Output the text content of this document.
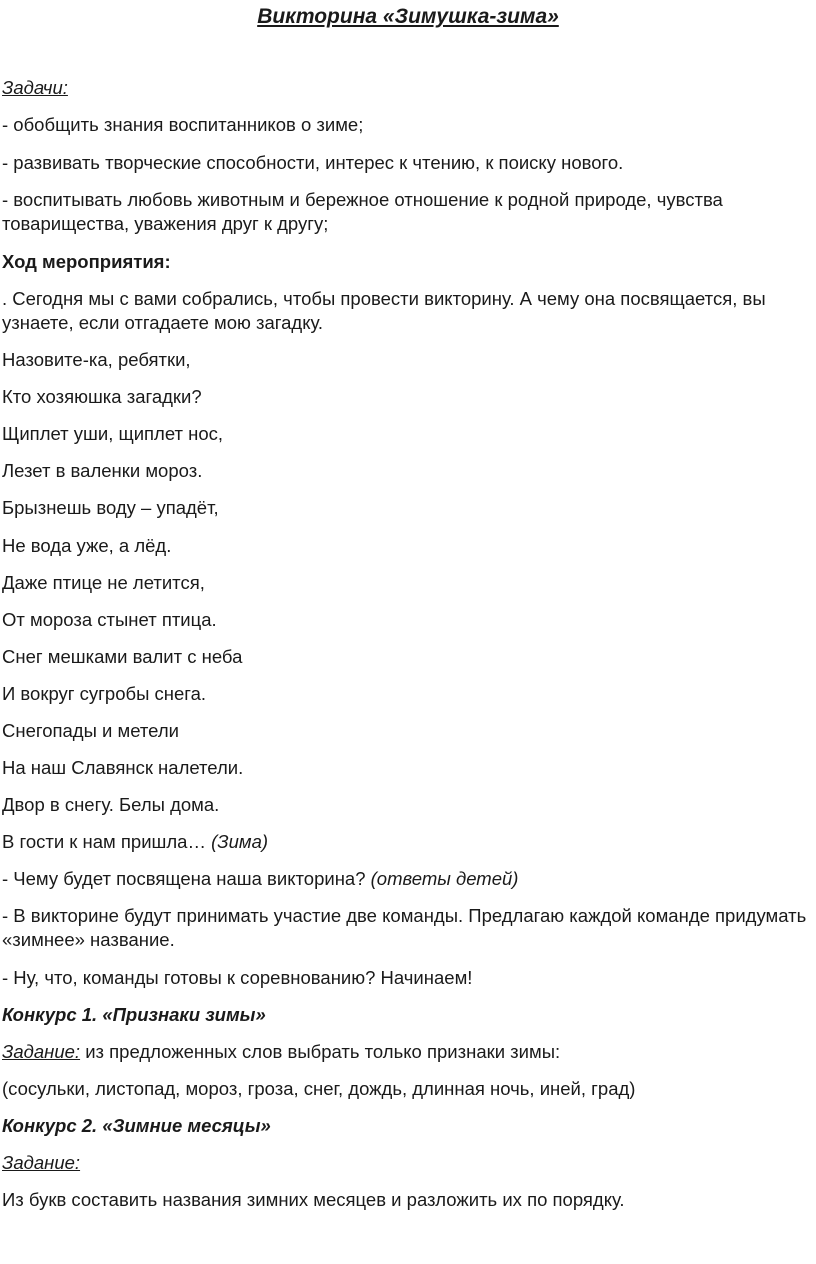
Викторина «Зимушка-зима»

Задачи:

- обобщить знания воспитанников о зиме;

- развивать творческие способности, интерес к чтению, к поиску нового.

- воспитывать любовь животным и бережное отношение к родной природе, чувства товарищества, уважения друг к другу;

Ход мероприятия:

. Сегодня мы с вами собрались, чтобы провести викторину. А чему она посвящается, вы узнаете, если отгадаете мою загадку.

Назовите-ка, ребятки,

Кто хозяюшка загадки?

Щиплет уши, щиплет нос,

Лезет в валенки мороз.

Брызнешь воду – упадёт,

Не вода уже, а лёд.

Даже птице не летится,

От мороза стынет птица.

Снег мешками валит с неба

И вокруг сугробы снега.

Снегопады и метели

На наш Славянск налетели.

Двор в снегу. Белы дома.

В гости к нам пришла… (Зима)

- Чему будет посвящена наша викторина? (ответы детей)

- В викторине будут принимать участие две команды. Предлагаю каждой команде придумать «зимнее» название.

- Ну, что, команды готовы к соревнованию? Начинаем!

Конкурс 1. «Признаки зимы»

Задание: из предложенных слов выбрать только признаки зимы:

(сосульки, листопад, мороз, гроза, снег, дождь, длинная ночь, иней, град)

Конкурс 2. «Зимние месяцы»

Задание:

Из букв составить названия зимних месяцев и разложить их по порядку.
